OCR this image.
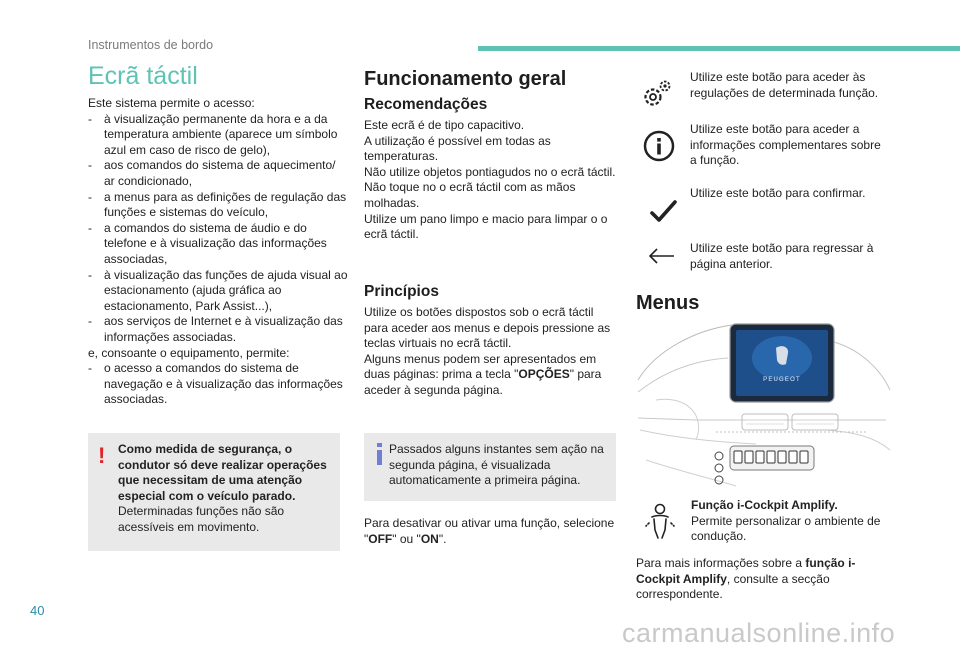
Instrumentos de bordo
Ecrã táctil
Este sistema permite o acesso:
- à visualização permanente da hora e a da temperatura ambiente (aparece um símbolo azul em caso de risco de gelo),
- aos comandos do sistema de aquecimento/ ar condicionado,
- a menus para as definições de regulação das funções e sistemas do veículo,
- a comandos do sistema de áudio e do telefone e à visualização das informações associadas,
- à visualização das funções de ajuda visual ao estacionamento (ajuda gráfica ao estacionamento, Park Assist...),
- aos serviços de Internet e à visualização das informações associadas.
e, consoante o equipamento, permite:
- o acesso a comandos do sistema de navegação e à visualização das informações associadas.
! Como medida de segurança, o condutor só deve realizar operações que necessitam de uma atenção especial com o veículo parado.
Determinadas funções não são acessíveis em movimento.
Funcionamento geral
Recomendações
Este ecrã é de tipo capacitivo.
A utilização é possível em todas as temperaturas.
Não utilize objetos pontiagudos no o ecrã táctil.
Não toque no o ecrã táctil com as mãos molhadas.
Utilize um pano limpo e macio para limpar o o ecrã táctil.
Princípios
Utilize os botões dispostos sob o ecrã táctil para aceder aos menus e depois pressione as teclas virtuais no ecrã táctil.
Alguns menus podem ser apresentados em duas páginas: prima a tecla "OPÇÕES" para aceder à segunda página.
Passados alguns instantes sem ação na segunda página, é visualizada automaticamente a primeira página.
Para desativar ou ativar uma função, selecione "OFF" ou "ON".
Utilize este botão para aceder às regulações de determinada função.
Utilize este botão para aceder a informações complementares sobre a função.
Utilize este botão para confirmar.
Utilize este botão para regressar à página anterior.
Menus
PEUGEOT
Função i-Cockpit Amplify.
Permite personalizar o ambiente de condução.
Para mais informações sobre a função i-Cockpit Amplify, consulte a secção correspondente.
40
carmanualsonline.info
